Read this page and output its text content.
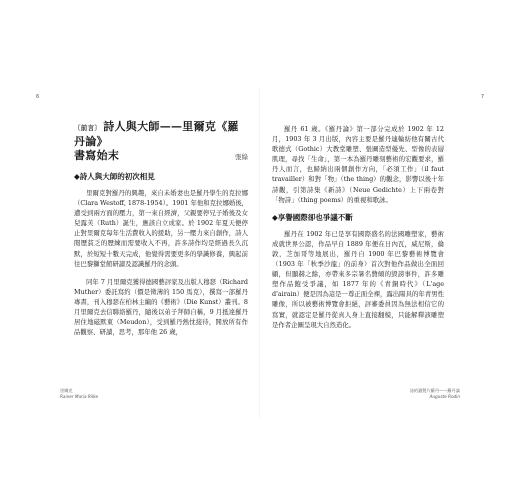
6
〔前言〕 詩人與大師——里爾克《羅丹論》
書寫始末	張綠
◆詩人與大師的初次相見

里爾克對羅丹的興趣，來自未婚妻也是羅丹學生的克拉娜（Clara Westoff, 1878-1954）。1901 年他和克拉娜婚後，遭受到兩方面的壓力，第一來自經濟，父親要停兄子婚後及女兒露芙（Ruth）誕生，應該自立成家。於 1902 年夏天便停止對里爾克每年生活費收入的援助，另一壓力來自創作，詩人閱歷貧乏的歷練而需要收入不再，許多詩作均是經過長久沉默，於短短十數天完成，他覺得需要更多的學識修養，興起前往巴黎獅堂館研讀及認識羅丹的念頭。

同年 7 月里爾克獲得德國藝評家及出版人穆瑟（Richard Muther）委託寫約（價是徵薄的 150 馬克），撰寫一部羅丹專書，刊入穆瑟在柏林主編的《藝術》（Die Kunst）叢刊。8 月里爾克去信聯絡羅丹，隨後以弟子拜師自稱，9 月抵達羅丹居住地磁默東（Meudon），受到羅丹熱忱接待，開放所有作品觀察、研讀，思考，那年他 26 歲，

里爾克
Rainer Maria Rilke
7

羅丹 61 歲。《羅丹論》第一部分完成於 1902 年 12 月，1903 年 3 月出版，內容主要是羅丹連輪紡他有關古代歌德式（Gothic）大教堂雕塑、張圖造型優先、型像的表層肌理，尋找「生命」，第一本為羅丹雕刻藝術的宏觀要求，羅丹人而言，也歸納出兩個創作方向，「必須工作」（il faut travailler）和對「物」（the thing）的觀念，影響以後十年詩觀，引第詩集《新詩》（Neue Gedichte）上下兩卷對「物詩」（thing poems）的重視和歌詠。

◆享譽國際卻也爭議不斷

羅丹在 1902 年已是享有國際盛名的法國雕塑家，藝術成就世界公認，作品早自 1889 年便在日內瓦，威尼斯，倫敦，芝加哥等地展出，羅丹自 1900 年巴黎藝術博覽會（1903 年「秋季沙龍」的前身）首次對他作品做出全面回顧，但顯赫之餘，亦帶來多宗暑名贊頗的毀謗事件，許多雕塑作品飽受爭議，如 1877 年的《青銅時代》（L'age d'airain）便是因為這是一尊正面全裸，露出陽具的年青男性雕像，所以被藝術博覽會拒絕，評審委員因為無法相信它的寫實，就認定是羅丹從真人身上直接翻模，只能解釋該雕塑是作者企圖呈現大自然造化。

詩的遺製片羅丹——羅丹論
Auguste Rodin
